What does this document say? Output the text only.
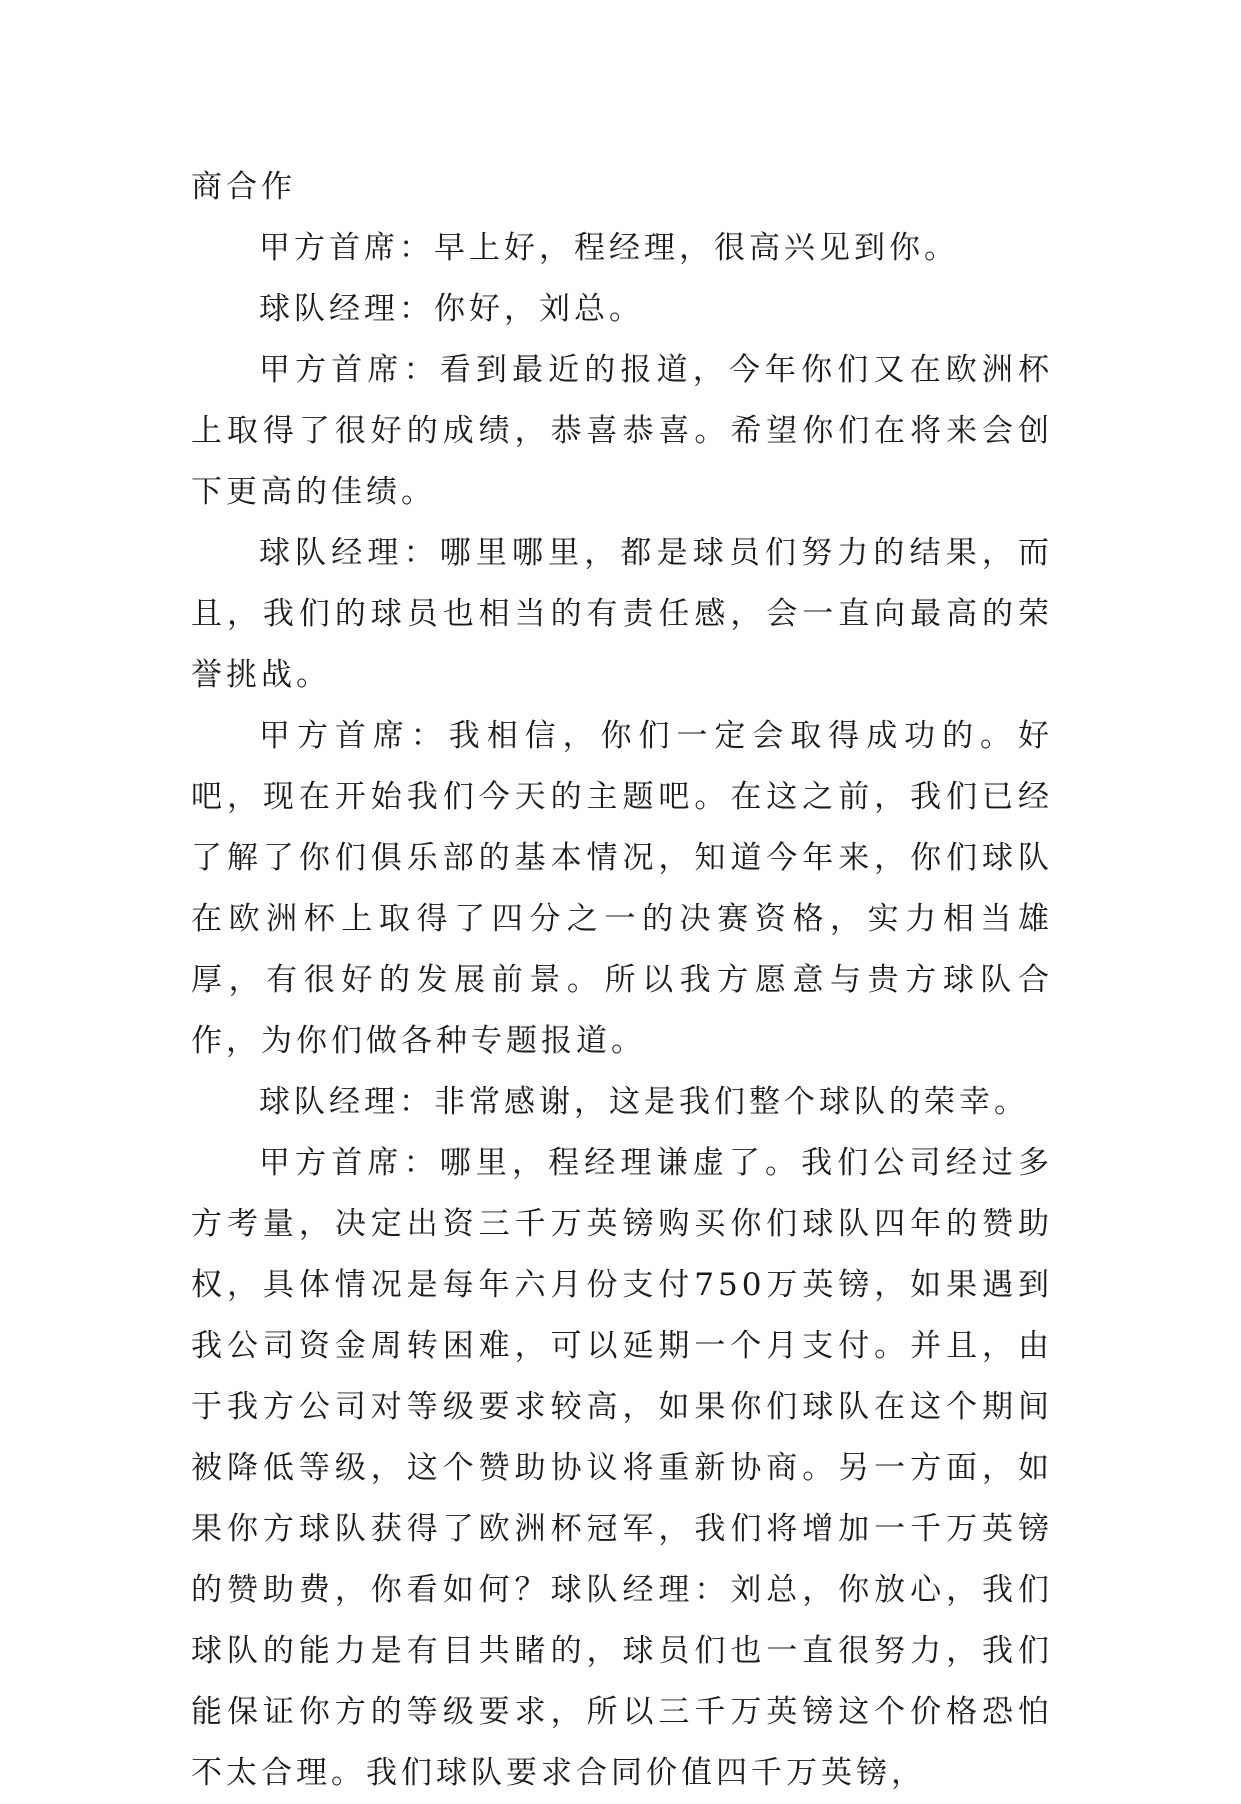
商合作

甲方首席：早上好，程经理，很高兴见到你。

球队经理：你好，刘总。

甲方首席：看到最近的报道，今年你们又在欧洲杯上取得了很好的成绩，恭喜恭喜。希望你们在将来会创下更高的佳绩。

球队经理：哪里哪里，都是球员们努力的结果，而且，我们的球员也相当的有责任感，会一直向最高的荣誉挑战。

甲方首席：我相信，你们一定会取得成功的。好吧，现在开始我们今天的主题吧。在这之前，我们已经了解了你们俱乐部的基本情况，知道今年来，你们球队在欧洲杯上取得了四分之一的决赛资格，实力相当雄厚，有很好的发展前景。所以我方愿意与贵方球队合作，为你们做各种专题报道。

球队经理：非常感谢，这是我们整个球队的荣幸。

甲方首席：哪里，程经理谦虚了。我们公司经过多方考量，决定出资三千万英镑购买你们球队四年的赞助权，具体情况是每年六月份支付750万英镑，如果遇到我公司资金周转困难，可以延期一个月支付。并且，由于我方公司对等级要求较高，如果你们球队在这个期间被降低等级，这个赞助协议将重新协商。另一方面，如果你方球队获得了欧洲杯冠军，我们将增加一千万英镑的赞助费，你看如何？球队经理：刘总，你放心，我们球队的能力是有目共睹的，球员们也一直很努力，我们能保证你方的等级要求，所以三千万英镑这个价格恐怕不太合理。我们球队要求合同价值四千万英镑，
